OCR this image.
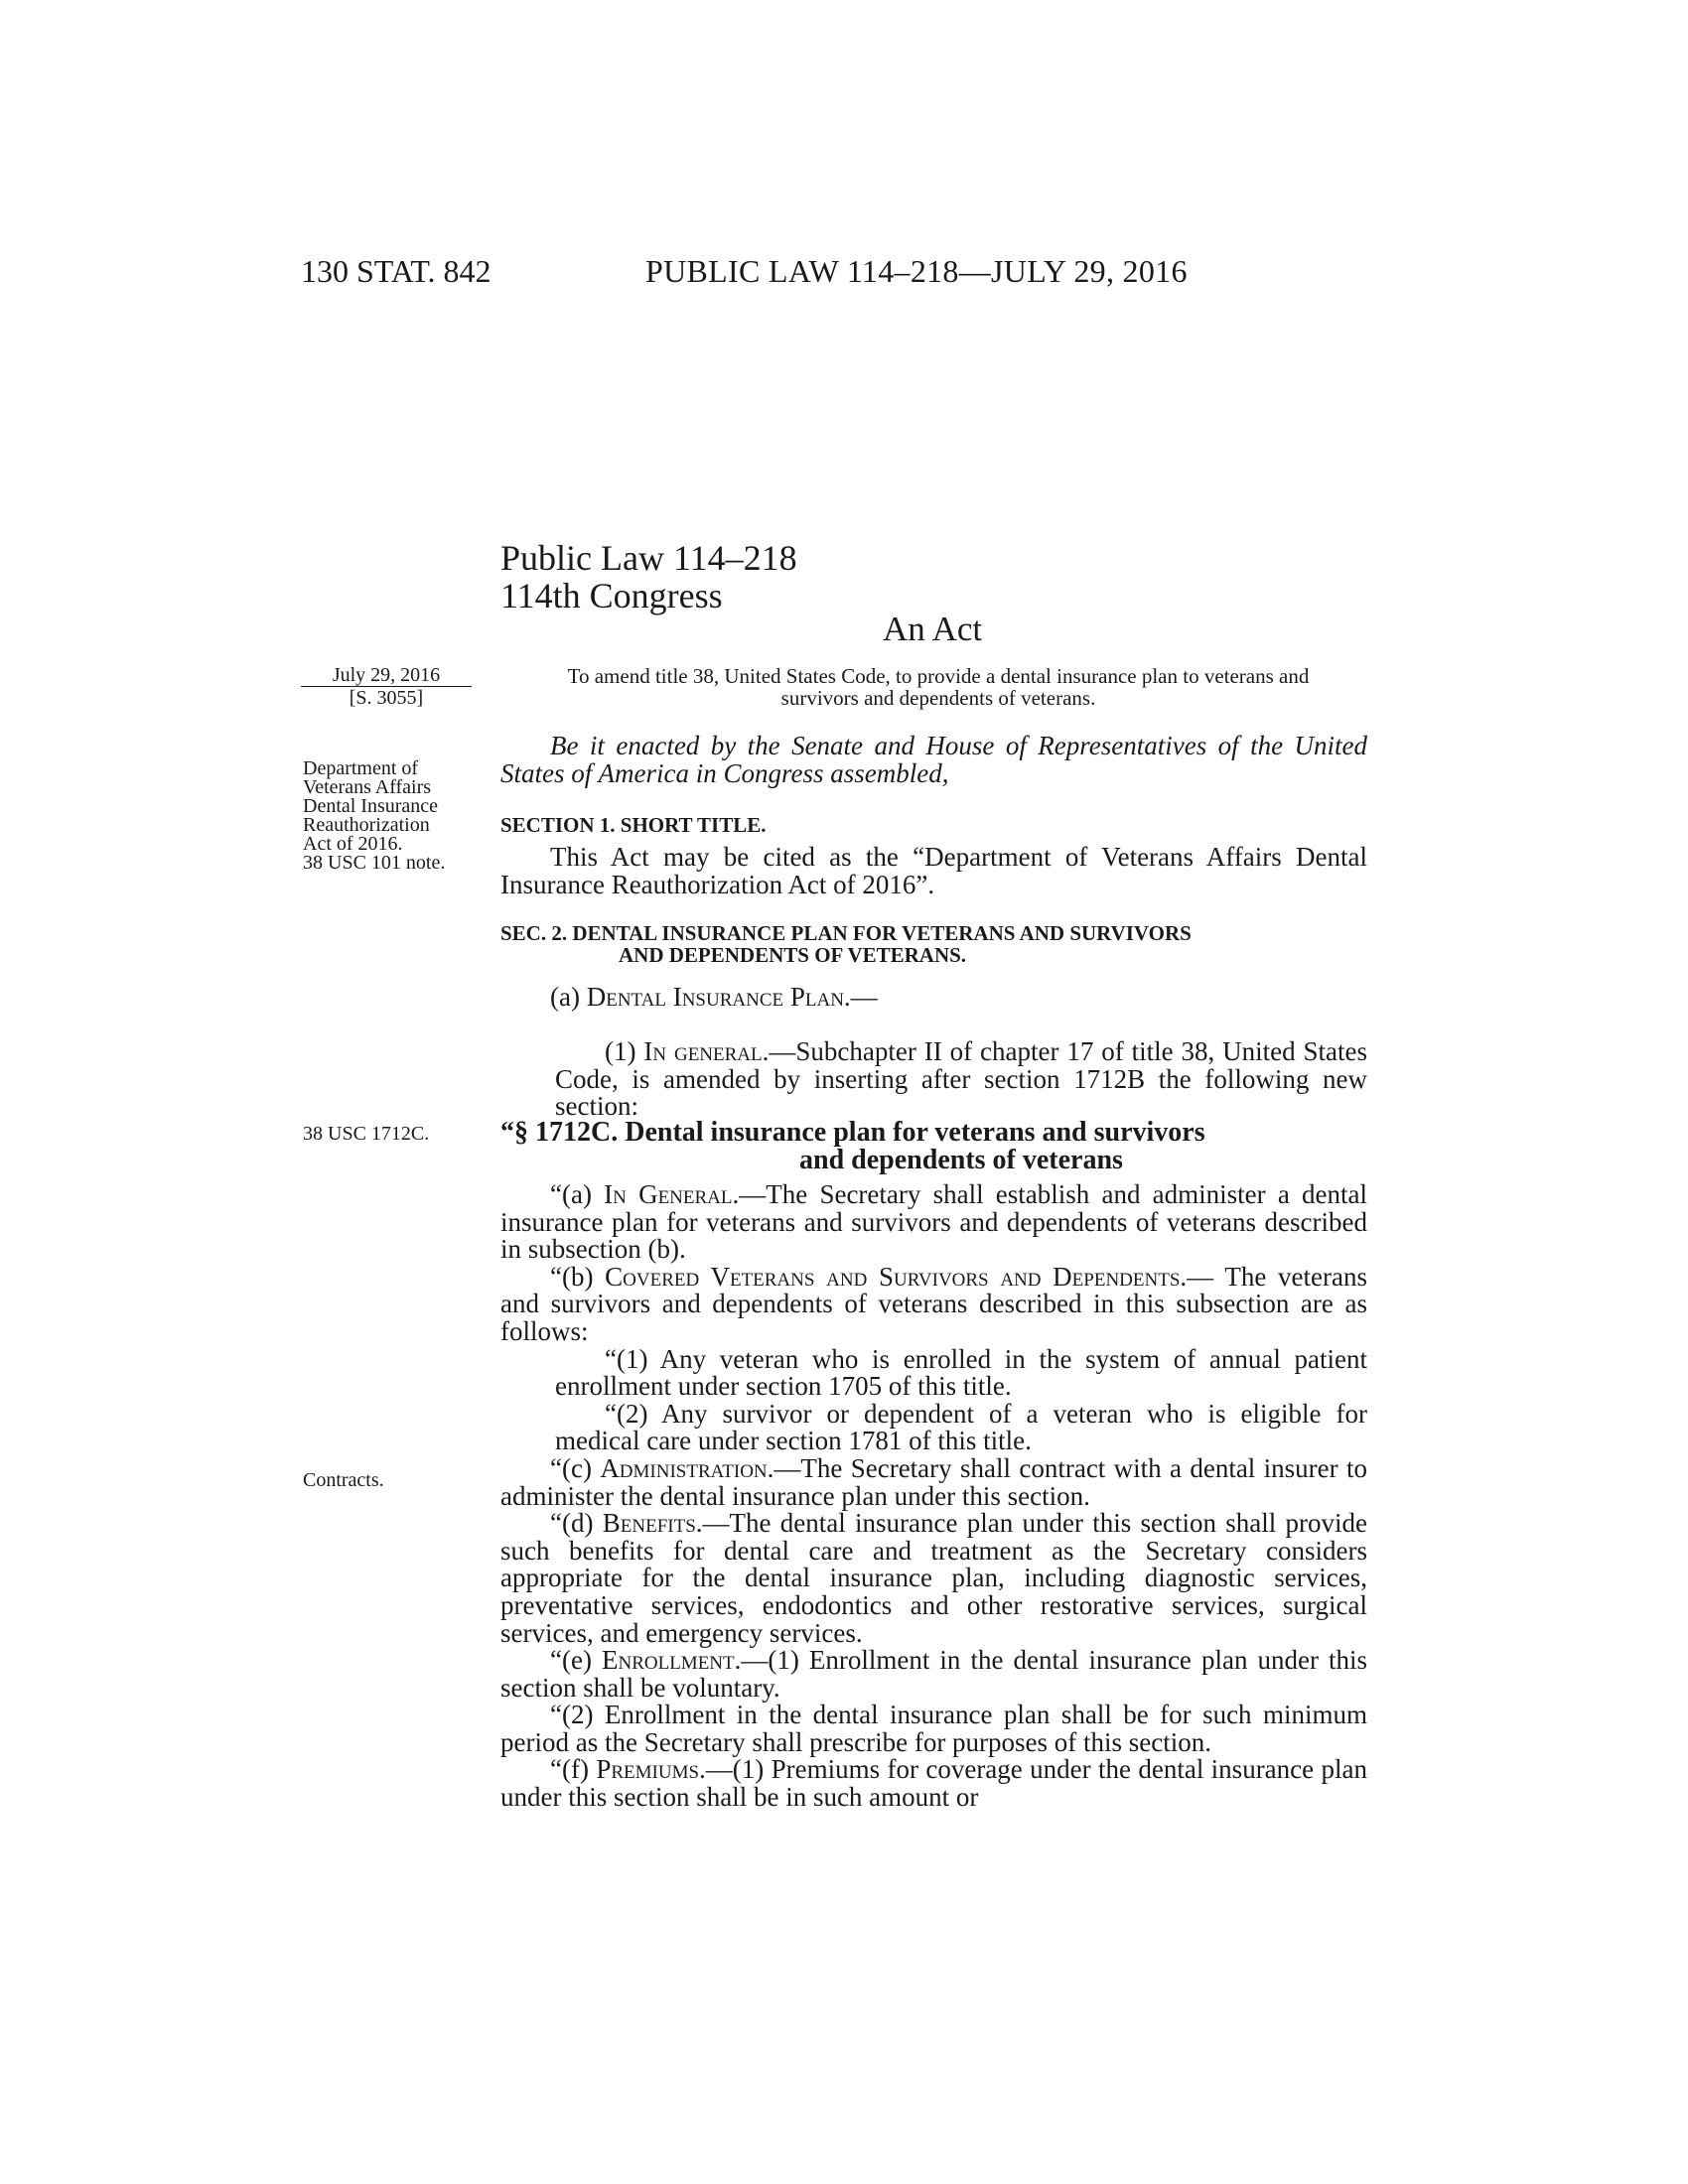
130 STAT. 842	PUBLIC LAW 114–218—JULY 29, 2016
Public Law 114–218
114th Congress
An Act
July 29, 2016
[S. 3055]
Department of
Veterans Affairs
Dental Insurance
Reauthorization
Act of 2016.
38 USC 101 note.
38 USC 1712C.
Contracts.
To amend title 38, United States Code, to provide a dental insurance plan to veterans and survivors and dependents of veterans.

Be it enacted by the Senate and House of Representatives of the United States of America in Congress assembled,

SECTION 1. SHORT TITLE.

This Act may be cited as the “Department of Veterans Affairs Dental Insurance Reauthorization Act of 2016”.

SEC. 2. DENTAL INSURANCE PLAN FOR VETERANS AND SURVIVORS
AND DEPENDENTS OF VETERANS.

(a) Dental Insurance Plan.—

(1) In general.—Subchapter II of chapter 17 of title 38, United States Code, is amended by inserting after section 1712B the following new section:

“§ 1712C. Dental insurance plan for veterans and survivors
and dependents of veterans

“(a) In General.—The Secretary shall establish and administer a dental insurance plan for veterans and survivors and dependents of veterans described in subsection (b).

“(b) Covered Veterans and Survivors and Dependents.— The veterans and survivors and dependents of veterans described in this subsection are as follows:

“(1) Any veteran who is enrolled in the system of annual patient enrollment under section 1705 of this title.

“(2) Any survivor or dependent of a veteran who is eligible for medical care under section 1781 of this title.

“(c) Administration.—The Secretary shall contract with a dental insurer to administer the dental insurance plan under this section.

“(d) Benefits.—The dental insurance plan under this section shall provide such benefits for dental care and treatment as the Secretary considers appropriate for the dental insurance plan, including diagnostic services, preventative services, endodontics and other restorative services, surgical services, and emergency services.

“(e) Enrollment.—(1) Enrollment in the dental insurance plan under this section shall be voluntary.

“(2) Enrollment in the dental insurance plan shall be for such minimum period as the Secretary shall prescribe for purposes of this section.

“(f) Premiums.—(1) Premiums for coverage under the dental insurance plan under this section shall be in such amount or
